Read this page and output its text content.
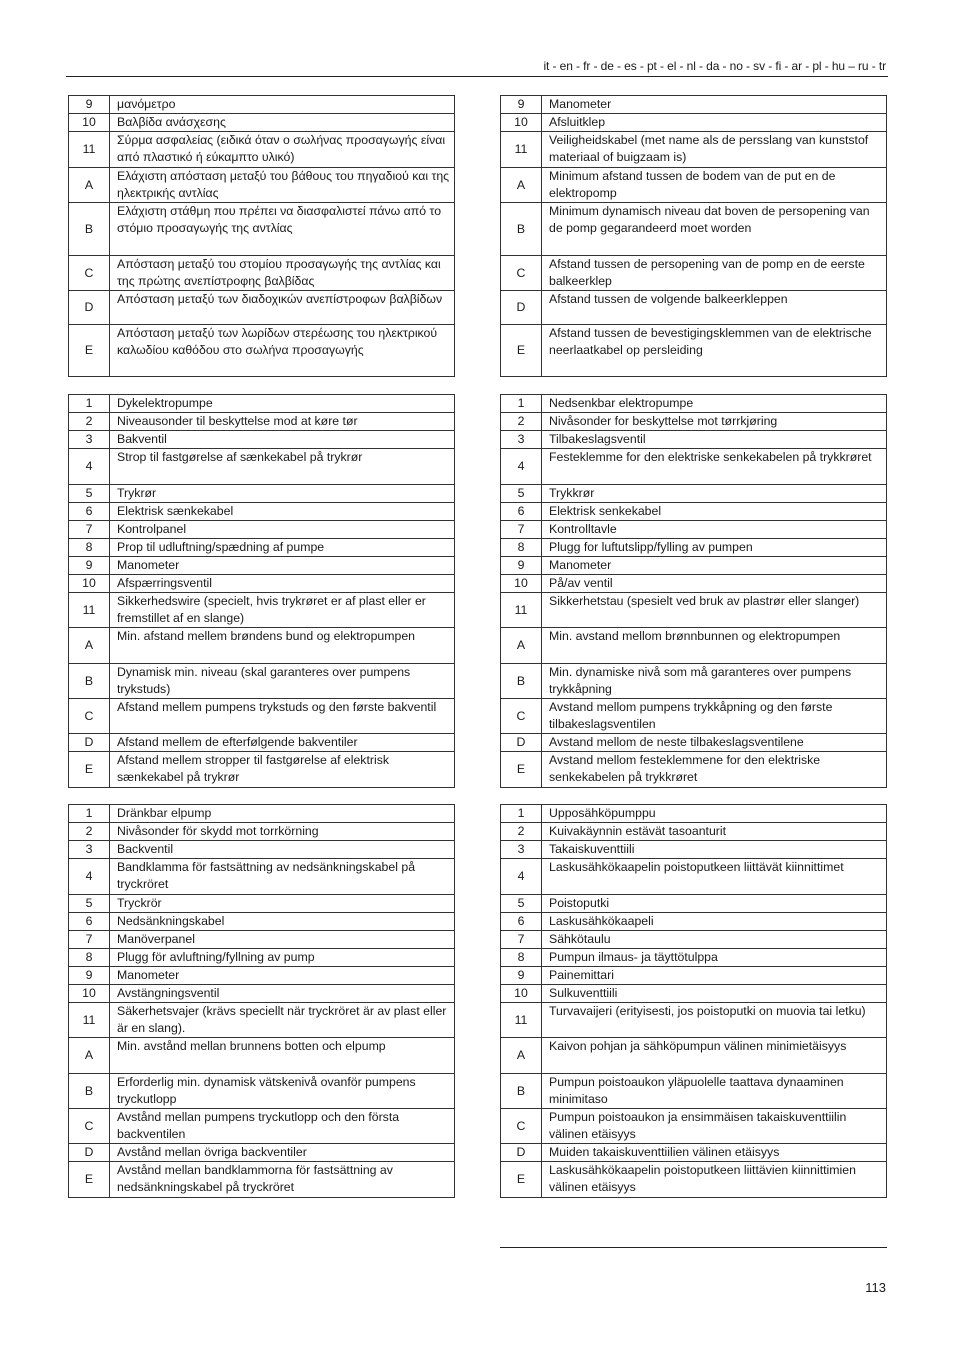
it - en - fr - de - es - pt - el - nl - da - no - sv - fi - ar - pl - hu – ru - tr
9	μανόμετρο
10	Βαλβίδα ανάσχεσης
11	Σύρμα ασφαλείας (ειδικά όταν ο σωλήνας προσαγωγής είναι από πλαστικό ή εύκαμπτο υλικό)
A	Ελάχιστη απόσταση μεταξύ του βάθους του πηγαδιού και της ηλεκτρικής αντλίας
B	Ελάχιστη στάθμη που πρέπει να διασφαλιστεί πάνω από το στόμιο προσαγωγής της αντλίας
C	Απόσταση μεταξύ του στομίου προσαγωγής της αντλίας και της πρώτης ανεπίστροφης βαλβίδας
D	Απόσταση μεταξύ των διαδοχικών ανεπίστροφων βαλβίδων
E	Απόσταση μεταξύ των λωρίδων στερέωσης του ηλεκτρικού καλωδίου καθόδου στο σωλήνα προσαγωγής
9	Manometer
10	Afsluitklep
11	Veiligheidskabel (met name als de persslang van kunststof materiaal of buigzaam is)
A	Minimum afstand tussen de bodem van de put en de elektropomp
B	Minimum dynamisch niveau dat boven de persopening van de pomp gegarandeerd moet worden
C	Afstand tussen de persopening van de pomp en de eerste balkeerklep
D	Afstand tussen de volgende balkeerkleppen
E	Afstand tussen de bevestigingsklemmen van de elektrische neerlaatkabel op persleiding
1	Dykelektropumpe
2	Niveausonder til beskyttelse mod at køre tør
3	Bakventil
4	Strop til fastgørelse af sænkekabel på trykrør
5	Trykrør
6	Elektrisk sænkekabel
7	Kontrolpanel
8	Prop til udluftning/spædning af pumpe
9	Manometer
10	Afspærringsventil
11	Sikkerhedswire (specielt, hvis trykrøret er af plast eller er fremstillet af en slange)
A	Min. afstand mellem brøndens bund og elektropumpen
B	Dynamisk min. niveau (skal garanteres over pumpens trykstuds)
C	Afstand mellem pumpens trykstuds og den første bakventil
D	Afstand mellem de efterfølgende bakventiler
E	Afstand mellem stropper til fastgørelse af elektrisk sænkekabel på trykrør
1	Nedsenkbar elektropumpe
2	Nivåsonder for beskyttelse mot tørrkjøring
3	Tilbakeslagsventil
4	Festeklemme for den elektriske senkekabelen på trykkrøret
5	Trykkrør
6	Elektrisk senkekabel
7	Kontrolltavle
8	Plugg for luftutslipp/fylling av pumpen
9	Manometer
10	På/av ventil
11	Sikkerhetstau (spesielt ved bruk av plastrør eller slanger)
A	Min. avstand mellom brønnbunnen og elektropumpen
B	Min. dynamiske nivå som må garanteres over pumpens trykkåpning
C	Avstand mellom pumpens trykkåpning og den første tilbakeslagsventilen
D	Avstand mellom de neste tilbakeslagsventilene
E	Avstand mellom festeklemmene for den elektriske senkekabelen på trykkrøret
1	Dränkbar elpump
2	Nivåsonder för skydd mot torrkörning
3	Backventil
4	Bandklamma för fastsättning av nedsänkningskabel på tryckröret
5	Tryckrör
6	Nedsänkningskabel
7	Manöverpanel
8	Plugg för avluftning/fyllning av pump
9	Manometer
10	Avstängningsventil
11	Säkerhetsvajer (krävs speciellt när tryckröret är av plast eller är en slang).
A	Min. avstånd mellan brunnens botten och elpump
B	Erforderlig min. dynamisk vätskenivå ovanför pumpens tryckutlopp
C	Avstånd mellan pumpens tryckutlopp och den första backventilen
D	Avstånd mellan övriga backventiler
E	Avstånd mellan bandklammorna för fastsättning av nedsänkningskabel på tryckröret
1	Upposähköpumppu
2	Kuivakäynnin estävät tasoanturit
3	Takaiskuventtiili
4	Laskusähkökaapelin poistoputkeen liittävät kiinnittimet
5	Poistoputki
6	Laskusähkökaapeli
7	Sähkötaulu
8	Pumpun ilmaus- ja täyttötulppa
9	Painemittari
10	Sulkuventtiili
11	Turvavaijeri (erityisesti, jos poistoputki on muovia tai letku)
A	Kaivon pohjan ja sähköpumpun välinen minimietäisyys
B	Pumpun poistoaukon yläpuolelle taattava dynaaminen minimitaso
C	Pumpun poistoaukon ja ensimmäisen takaiskuventtiilin välinen etäisyys
D	Muiden takaiskuventtiilien välinen etäisyys
E	Laskusähkökaapelin poistoputkeen liittävien kiinnittimien välinen etäisyys
113
